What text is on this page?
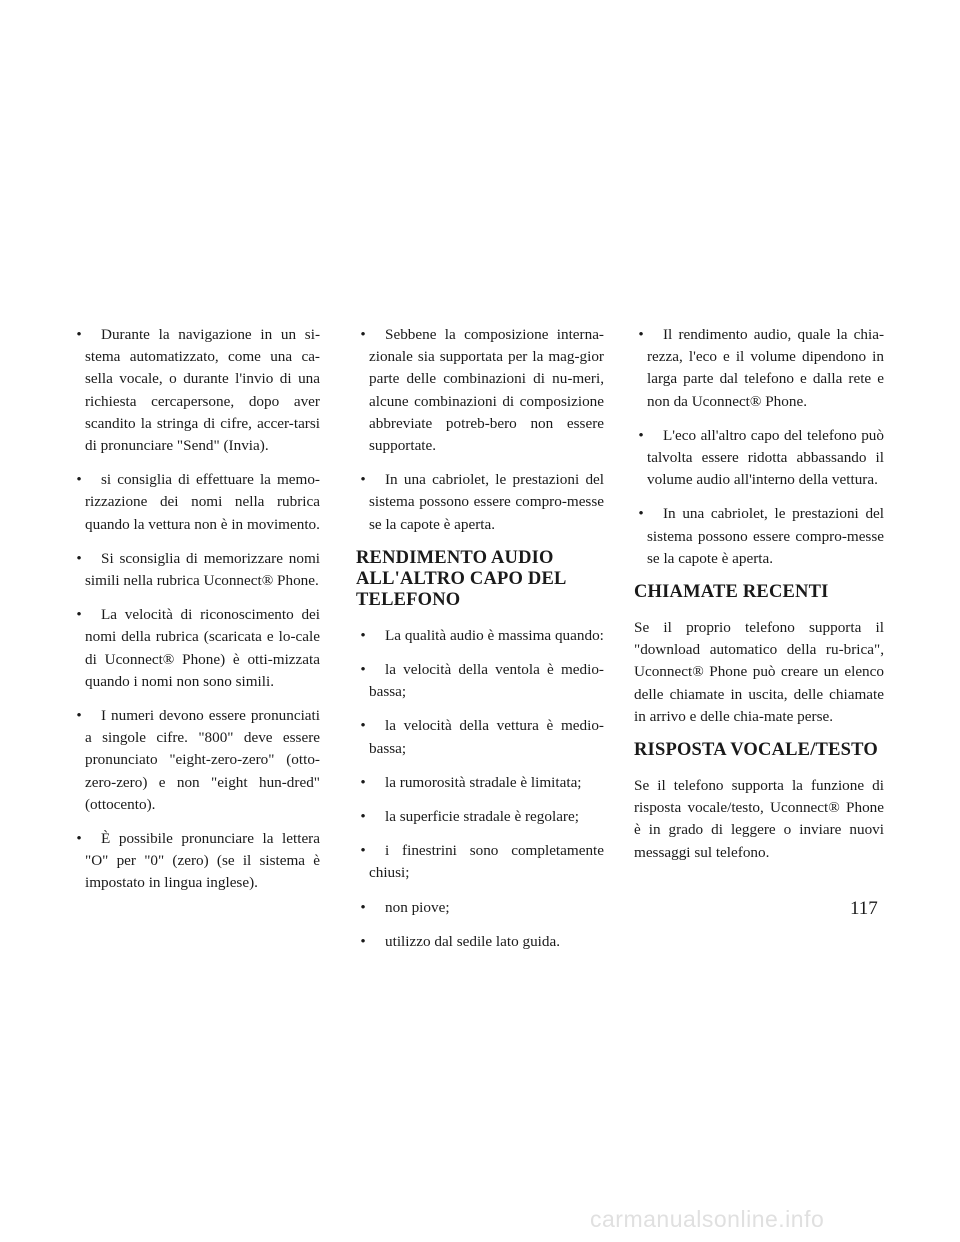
•
Durante la navigazione in un si-stema automatizzato, come una ca-sella vocale, o durante l'invio di una richiesta cercapersone, dopo aver scandito la stringa di cifre, accer-tarsi di pronunciare "Send" (Invia).
•
si consiglia di effettuare la memo-rizzazione dei nomi nella rubrica quando la vettura non è in movimento.
•
Si sconsiglia di memorizzare nomi simili nella rubrica Uconnect® Phone.
•
La velocità di riconoscimento dei nomi della rubrica (scaricata e lo-cale di Uconnect® Phone) è otti-mizzata quando i nomi non sono simili.
•
I numeri devono essere pronunciati a singole cifre. "800" deve essere pronunciato "eight-zero-zero" (otto-zero-zero) e non "eight hun-dred" (ottocento).
•
È possibile pronunciare la lettera "O" per "0" (zero) (se il sistema è impostato in lingua inglese).
•
Sebbene la composizione interna-zionale sia supportata per la mag-gior parte delle combinazioni di nu-meri, alcune combinazioni di composizione abbreviate potreb-bero non essere supportate.
•
In una cabriolet, le prestazioni del sistema possono essere compro-messe se la capote è aperta.
RENDIMENTO AUDIO ALL'ALTRO CAPO DEL TELEFONO
•
La qualità audio è massima quando:
•
la velocità della ventola è medio-bassa;
•
la velocità della vettura è medio-bassa;
•
la rumorosità stradale è limitata;
•
la superficie stradale è regolare;
•
i finestrini sono completamente chiusi;
•
non piove;
•
utilizzo dal sedile lato guida.
•
Il rendimento audio, quale la chia-rezza, l'eco e il volume dipendono in larga parte dal telefono e dalla rete e non da Uconnect® Phone.
•
L'eco all'altro capo del telefono può talvolta essere ridotta abbassando il volume audio all'interno della vettura.
•
In una cabriolet, le prestazioni del sistema possono essere compro-messe se la capote è aperta.
CHIAMATE RECENTI

Se il proprio telefono supporta il "download automatico della ru-brica", Uconnect® Phone può creare un elenco delle chiamate in uscita, delle chiamate in arrivo e delle chia-mate perse.

RISPOSTA VOCALE/TESTO

Se il telefono supporta la funzione di risposta vocale/testo, Uconnect® Phone è in grado di leggere o inviare nuovi messaggi sul telefono.

117
carmanualsonline.info
